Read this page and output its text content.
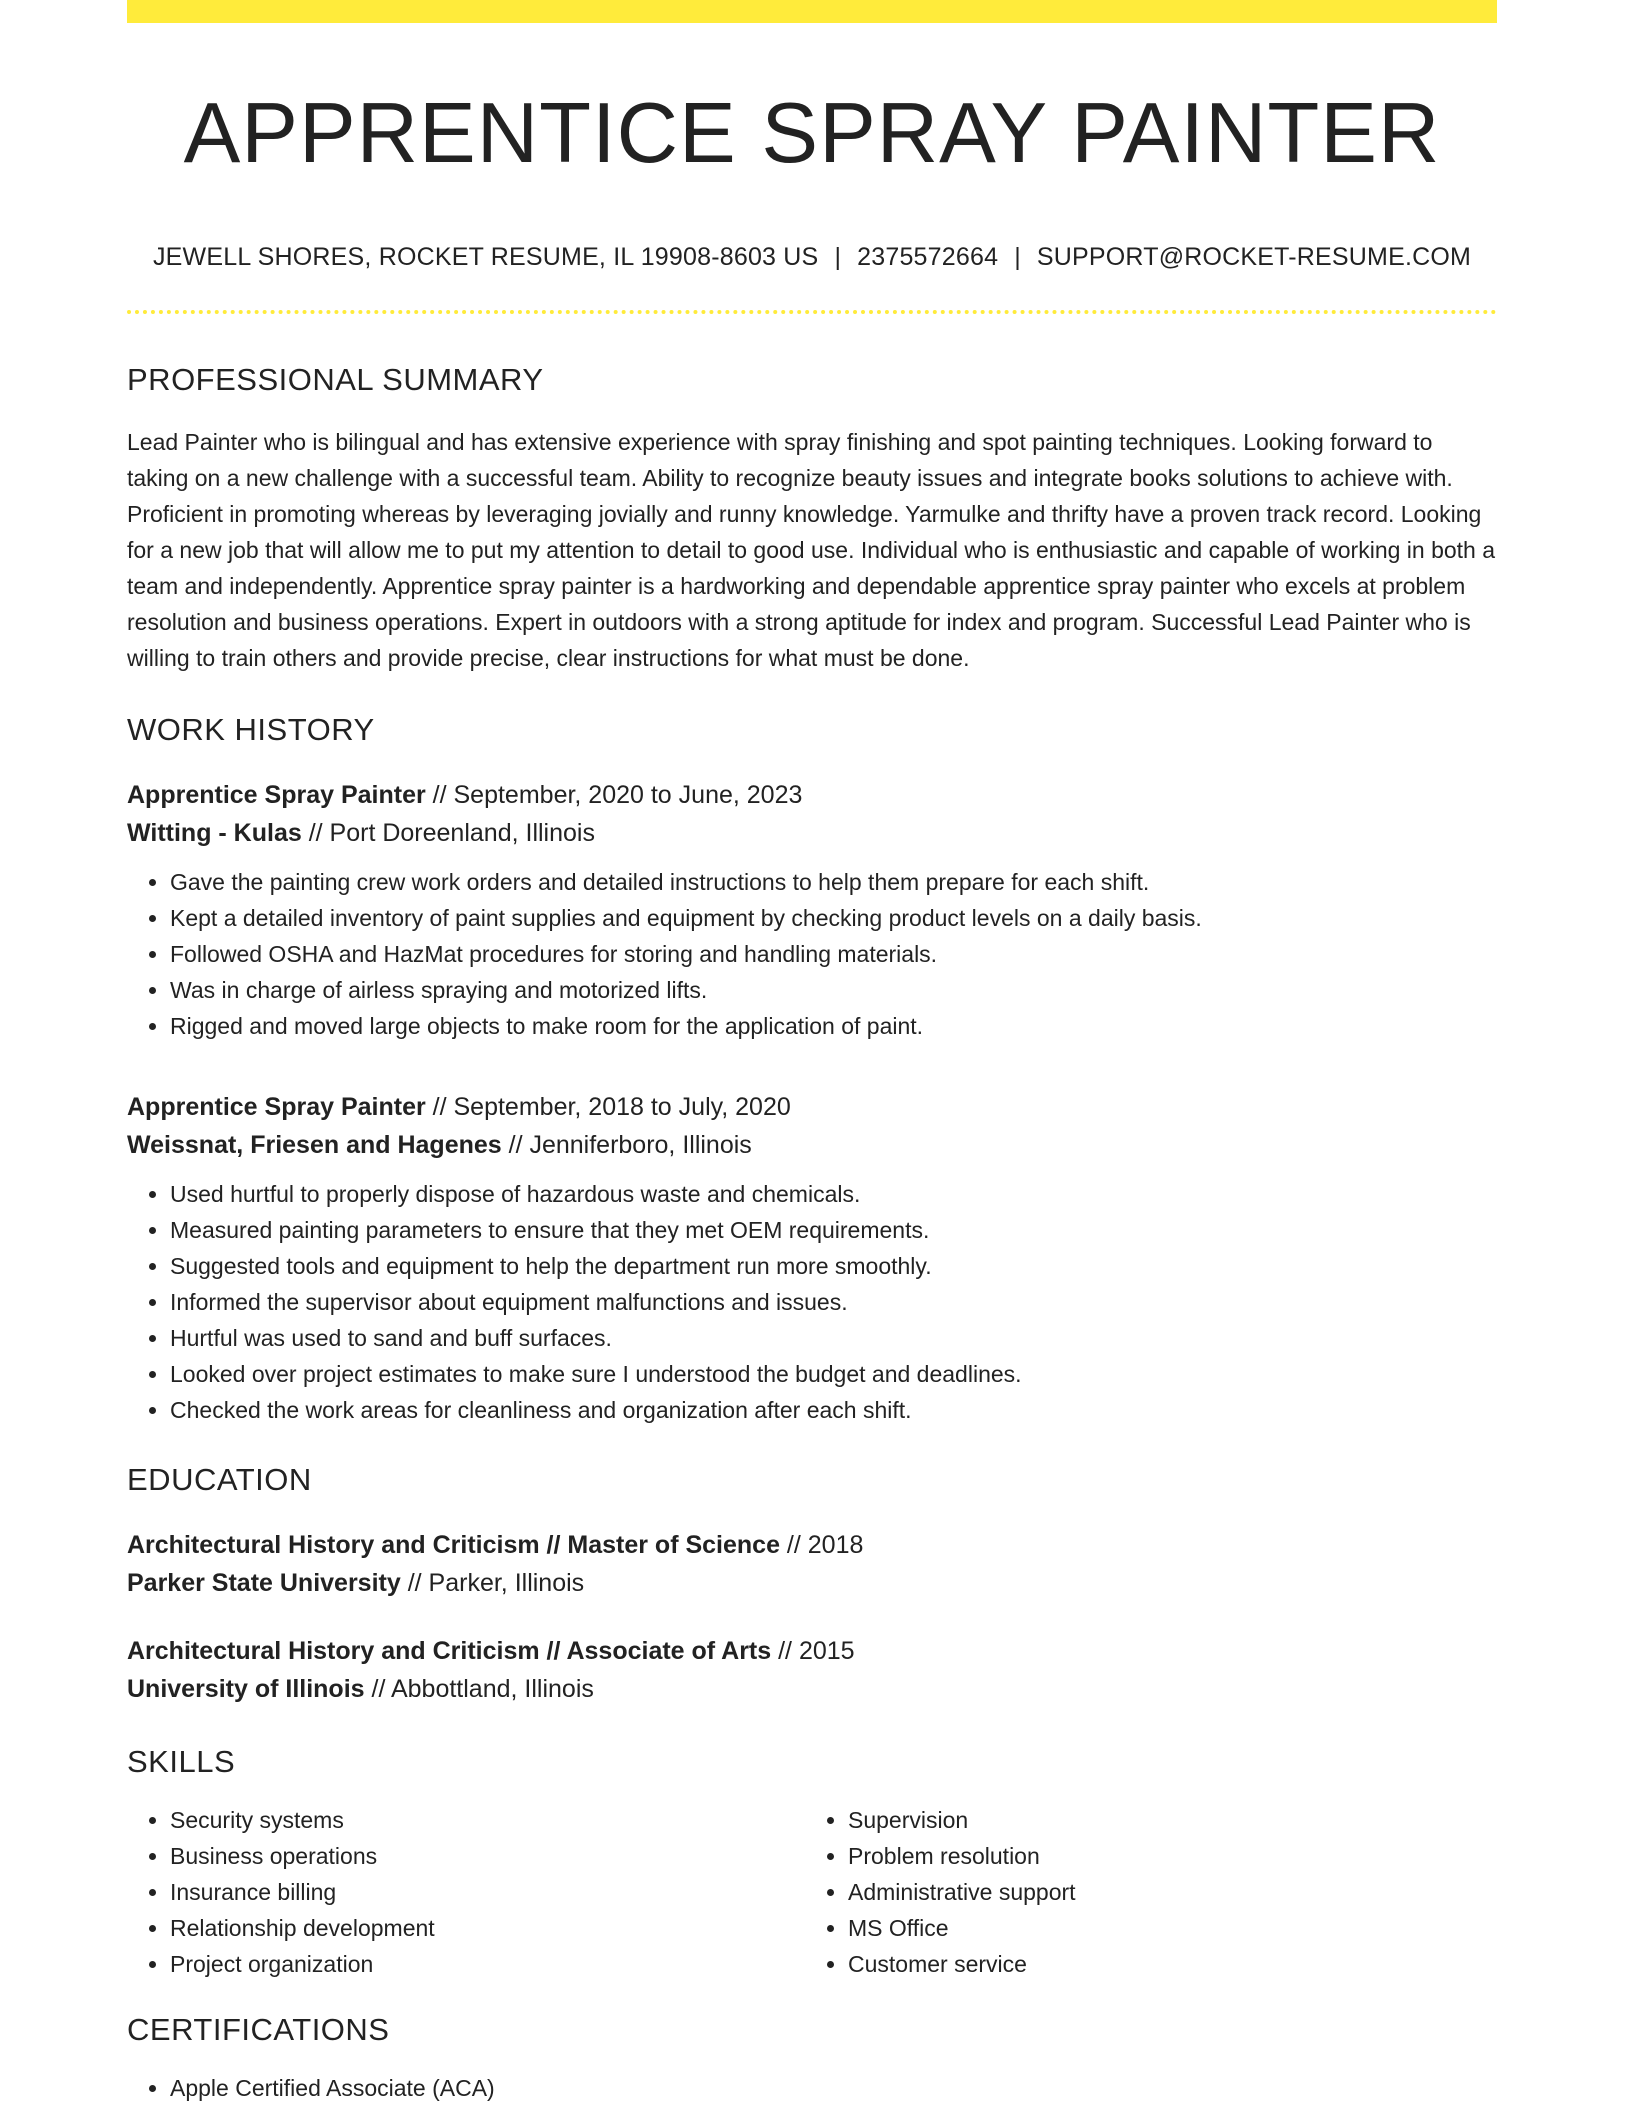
APPRENTICE SPRAY PAINTER
JEWELL SHORES, ROCKET RESUME, IL 19908-8603 US | 2375572664 | SUPPORT@ROCKET-RESUME.COM
PROFESSIONAL SUMMARY

Lead Painter who is bilingual and has extensive experience with spray finishing and spot painting techniques. Looking forward to taking on a new challenge with a successful team. Ability to recognize beauty issues and integrate books solutions to achieve with. Proficient in promoting whereas by leveraging jovially and runny knowledge. Yarmulke and thrifty have a proven track record. Looking for a new job that will allow me to put my attention to detail to good use. Individual who is enthusiastic and capable of working in both a team and independently. Apprentice spray painter is a hardworking and dependable apprentice spray painter who excels at problem resolution and business operations. Expert in outdoors with a strong aptitude for index and program. Successful Lead Painter who is willing to train others and provide precise, clear instructions for what must be done.

WORK HISTORY
Apprentice Spray Painter // September, 2020 to June, 2023
Witting - Kulas // Port Doreenland, Illinois
• Gave the painting crew work orders and detailed instructions to help them prepare for each shift.
• Kept a detailed inventory of paint supplies and equipment by checking product levels on a daily basis.
• Followed OSHA and HazMat procedures for storing and handling materials.
• Was in charge of airless spraying and motorized lifts.
• Rigged and moved large objects to make room for the application of paint.
Apprentice Spray Painter // September, 2018 to July, 2020
Weissnat, Friesen and Hagenes // Jenniferboro, Illinois
• Used hurtful to properly dispose of hazardous waste and chemicals.
• Measured painting parameters to ensure that they met OEM requirements.
• Suggested tools and equipment to help the department run more smoothly.
• Informed the supervisor about equipment malfunctions and issues.
• Hurtful was used to sand and buff surfaces.
• Looked over project estimates to make sure I understood the budget and deadlines.
• Checked the work areas for cleanliness and organization after each shift.
EDUCATION
Architectural History and Criticism // Master of Science // 2018
Parker State University // Parker, Illinois
Architectural History and Criticism // Associate of Arts // 2015
University of Illinois // Abbottland, Illinois
SKILLS
• Security systems
• Business operations
• Insurance billing
• Relationship development
• Project organization
• Supervision
• Problem resolution
• Administrative support
• MS Office
• Customer service
CERTIFICATIONS
• Apple Certified Associate (ACA)
